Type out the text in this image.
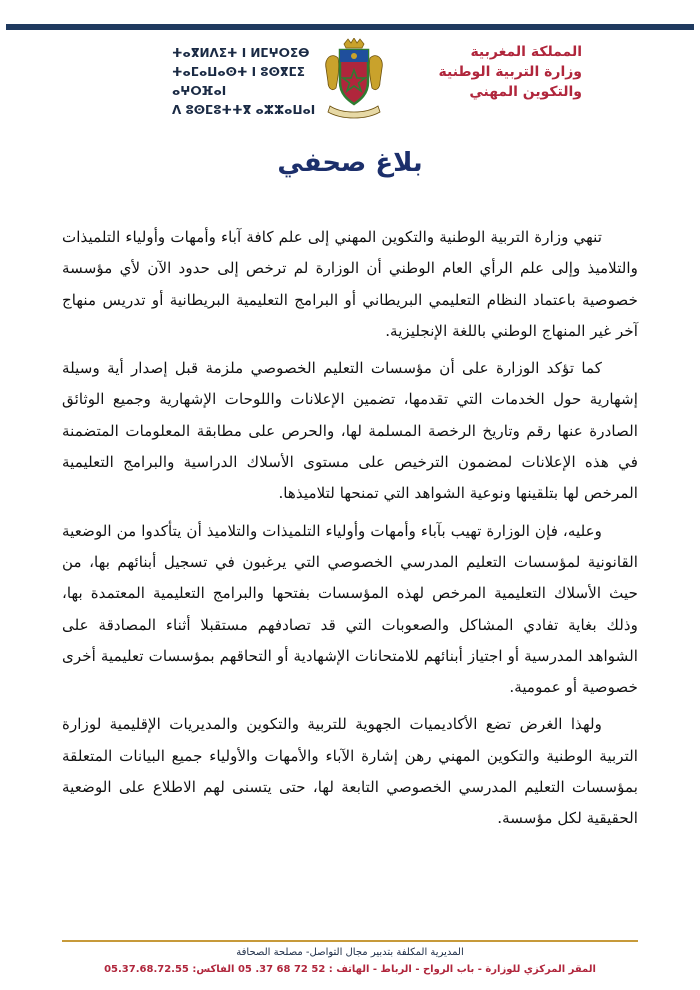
ⵜⴰⴳⵍⴷⵉⵜ ⵏ ⵍⵎⵖⵔⵉⴱ
ⵜⴰⵎⴰⵡⴰⵙⵜ ⵏ ⵓⵙⴳⵎⵉ ⴰⵖⵔⴼⴰⵏ
ⴷ ⵓⵙⵎⵓⵜⵜⴳ ⴰⵣⵣⴰⵡⴰⵏ
المملكة المغربية
وزارة التربية الوطنية
والتكوين المهني
بلاغ صحفي

تنهي وزارة التربية الوطنية والتكوين المهني إلى علم كافة آباء وأمهات وأولياء التلميذات والتلاميذ وإلى علم الرأي العام الوطني أن الوزارة لم ترخص إلى حدود الآن لأي مؤسسة خصوصية باعتماد النظام التعليمي البريطاني أو البرامج التعليمية البريطانية أو تدريس منهاج آخر غير المنهاج الوطني باللغة الإنجليزية.

كما تؤكد الوزارة على أن مؤسسات التعليم الخصوصي ملزمة قبل إصدار أية وسيلة إشهارية حول الخدمات التي تقدمها، تضمين الإعلانات واللوحات الإشهارية وجميع الوثائق الصادرة عنها رقم وتاريخ الرخصة المسلمة لها، والحرص على مطابقة المعلومات المتضمنة في هذه الإعلانات لمضمون الترخيص على مستوى الأسلاك الدراسية والبرامج التعليمية المرخص لها بتلقينها ونوعية الشواهد التي تمنحها لتلاميذها.

وعليه، فإن الوزارة تهيب بآباء وأمهات وأولياء التلميذات والتلاميذ أن يتأكدوا من الوضعية القانونية لمؤسسات التعليم المدرسي الخصوصي التي يرغبون في تسجيل أبنائهم بها، من حيث الأسلاك التعليمية المرخص لهذه المؤسسات بفتحها والبرامج التعليمية المعتمدة بها، وذلك بغاية تفادي المشاكل والصعوبات التي قد تصادفهم مستقبلا أثناء المصادقة على الشواهد المدرسية أو اجتياز أبنائهم للامتحانات الإشهادية أو التحاقهم بمؤسسات تعليمية أخرى خصوصية أو عمومية.

ولهذا الغرض تضع الأكاديميات الجهوية للتربية والتكوين والمديريات الإقليمية لوزارة التربية الوطنية والتكوين المهني رهن إشارة الآباء والأمهات والأولياء جميع البيانات المتعلقة بمؤسسات التعليم المدرسي الخصوصي التابعة لها، حتى يتسنى لهم الاطلاع على الوضعية الحقيقية لكل مؤسسة.

المديرية المكلفة بتدبير مجال التواصل- مصلحة الصحافة
المقر المركزي للوزارة - باب الرواح - الرباط - الهاتف : 52 72 68 37. 05 الفاكس: 05.37.68.72.55
